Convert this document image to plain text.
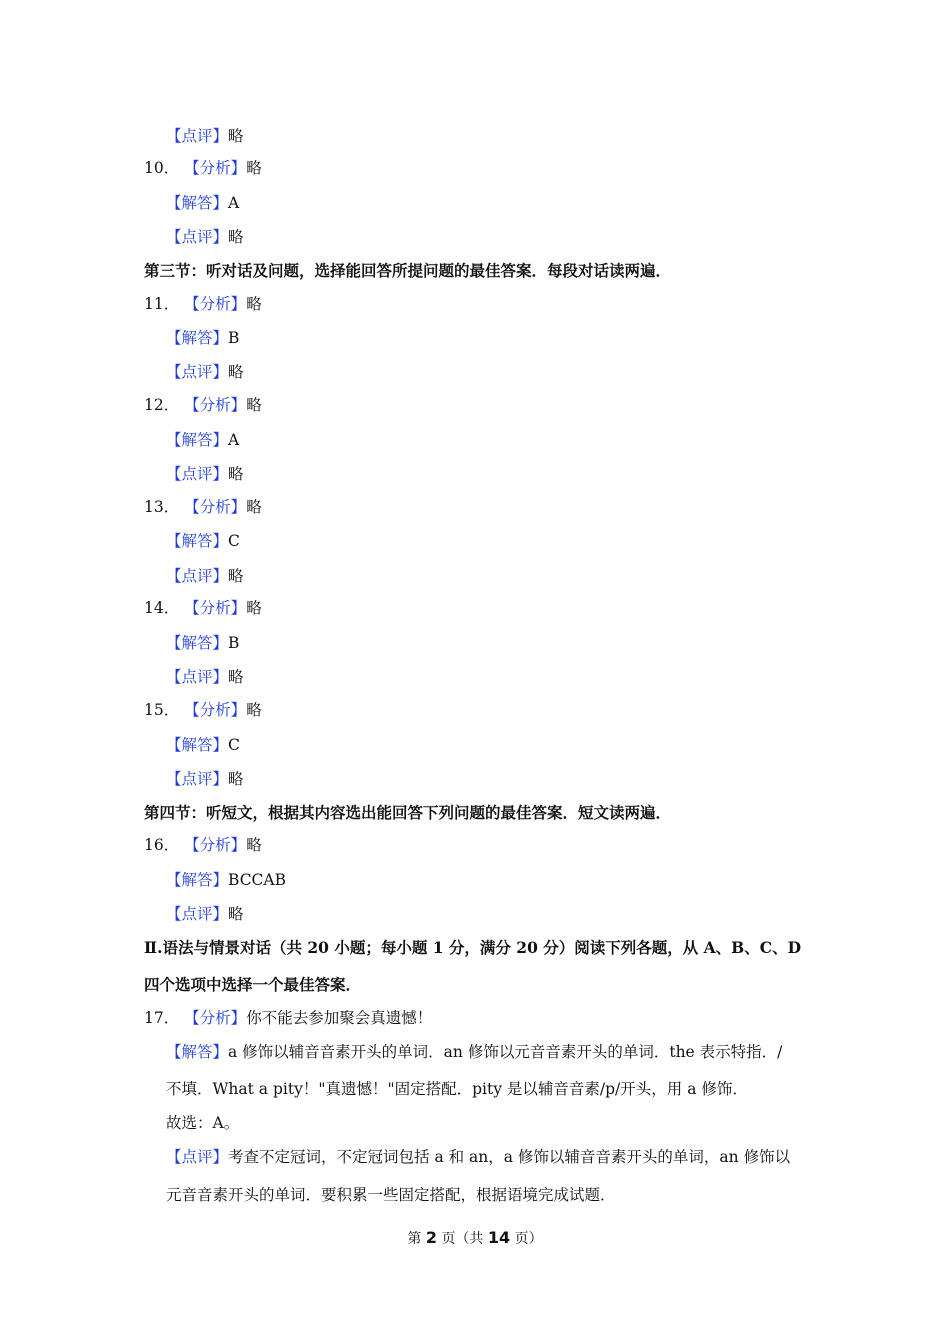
【点评】略
10． 【分析】略
【解答】A
【点评】略
第三节：听对话及问题，选择能回答所提问题的最佳答案．每段对话读两遍．
11． 【分析】略
【解答】B
【点评】略
12． 【分析】略
【解答】A
【点评】略
13． 【分析】略
【解答】C
【点评】略
14． 【分析】略
【解答】B
【点评】略
15． 【分析】略
【解答】C
【点评】略
第四节：听短文，根据其内容选出能回答下列问题的最佳答案．短文读两遍．
16． 【分析】略
【解答】BCCAB
【点评】略
Ⅱ.语法与情景对话（共 20 小题；每小题 1 分，满分 20 分）阅读下列各题，从 A、B、C、D
四个选项中选择一个最佳答案．
17． 【分析】你不能去参加聚会真遗憾！
【解答】a 修饰以辅音音素开头的单词．an 修饰以元音音素开头的单词．the 表示特指．/
不填．What a pity！"真遗憾！"固定搭配．pity 是以辅音音素/p/开头，用 a 修饰．
故选：A。
【点评】考查不定冠词，不定冠词包括 a 和 an，a 修饰以辅音音素开头的单词，an 修饰以
元音音素开头的单词．要积累一些固定搭配，根据语境完成试题．
第 2 页（共 14 页）
